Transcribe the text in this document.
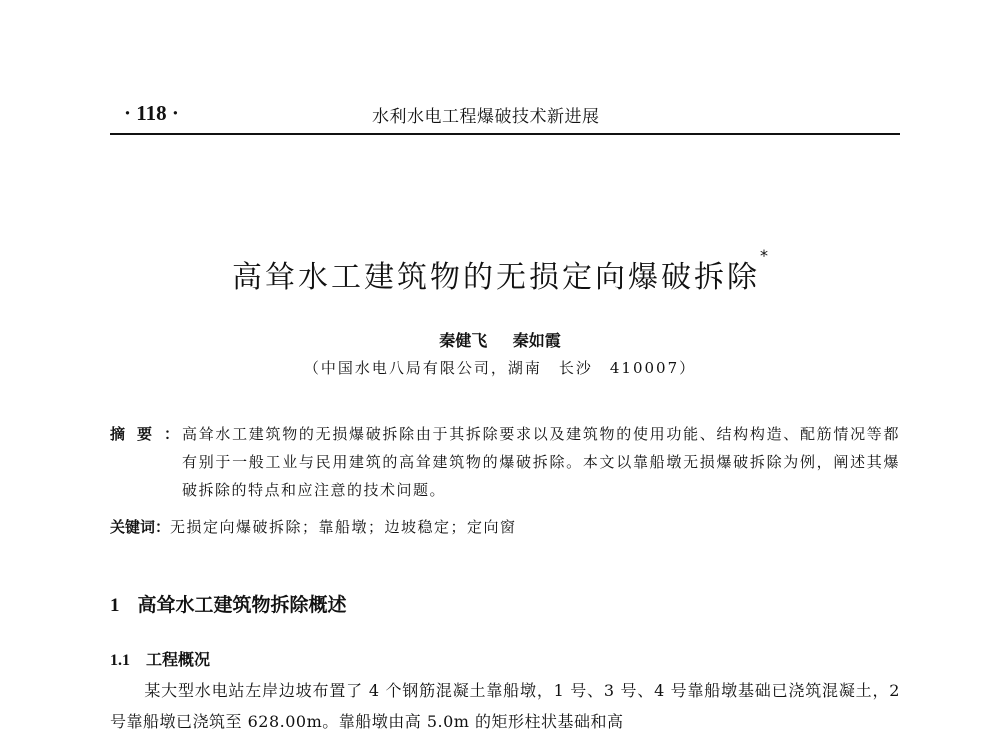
· 118 ·	水利水电工程爆破技术新进展
高耸水工建筑物的无损定向爆破拆除*
秦健飞 秦如霞
（中国水电八局有限公司，湖南　长沙　410007）
摘要：
高耸水工建筑物的无损爆破拆除由于其拆除要求以及建筑物的使用功能、结构构造、配筋情况等都有别于一般工业与民用建筑的高耸建筑物的爆破拆除。本文以靠船墩无损爆破拆除为例，阐述其爆破拆除的特点和应注意的技术问题。
关键词：无损定向爆破拆除；靠船墩；边坡稳定；定向窗
1 高耸水工建筑物拆除概述
1.1 工程概况
某大型水电站左岸边坡布置了 4 个钢筋混凝土靠船墩，1 号、3 号、4 号靠船墩基础已浇筑混凝土，2 号靠船墩已浇筑至 628.00m。靠船墩由高 5.0m 的矩形柱状基础和高
